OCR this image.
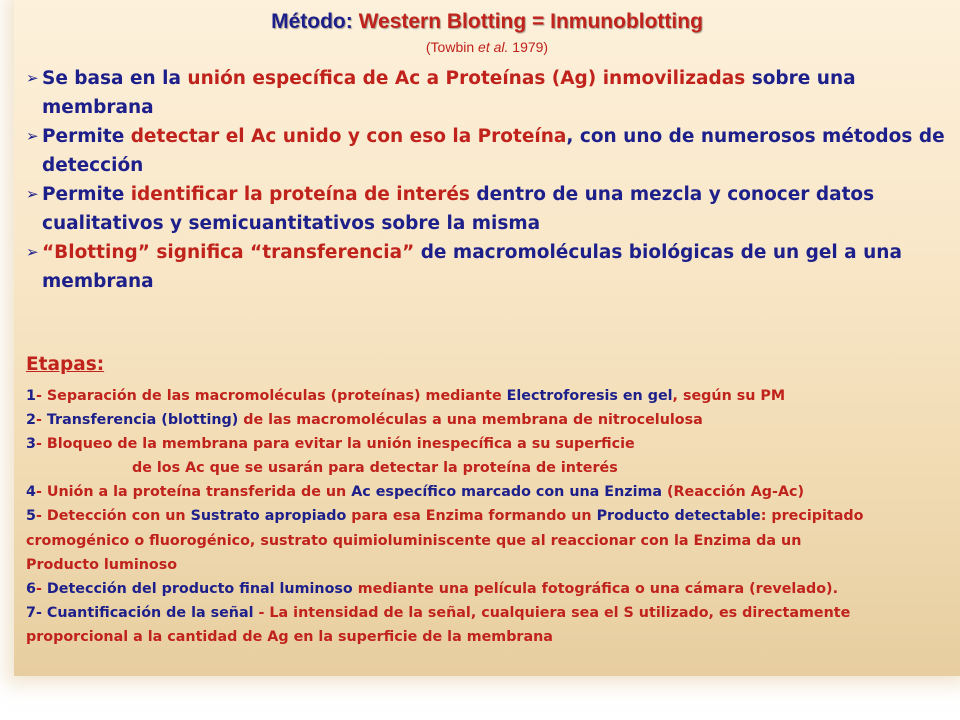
Método: Western Blotting = Inmunoblotting
(Towbin et al. 1979)
➢ Se basa en la unión específica de Ac a Proteínas (Ag) inmovilizadas sobre una membrana
➢ Permite detectar el Ac unido y con eso la Proteína, con uno de numerosos métodos de detección
➢ Permite identificar la proteína de interés dentro de una mezcla y conocer datos cualitativos y semicuantitativos sobre la misma
➢ “Blotting” significa “transferencia” de macromoléculas biológicas de un gel a una membrana
Etapas:
1- Separación de las macromoléculas (proteínas) mediante Electroforesis en gel, según su PM
2- Transferencia (blotting) de las macromoléculas a una membrana de nitrocelulosa
3- Bloqueo de la membrana para evitar la unión inespecífica a su superficie
de los Ac que se usarán para detectar la proteína de interés
4- Unión a la proteína transferida de un Ac específico marcado con una Enzima (Reacción Ag-Ac)
5- Detección con un Sustrato apropiado para esa Enzima formando un Producto detectable: precipitado
cromogénico o fluorogénico, sustrato quimioluminiscente que al reaccionar con la Enzima da un
Producto luminoso
6- Detección del producto final luminoso mediante una película fotográfica o una cámara (revelado).
7- Cuantificación de la señal - La intensidad de la señal, cualquiera sea el S utilizado, es directamente
proporcional a la cantidad de Ag en la superficie de la membrana
